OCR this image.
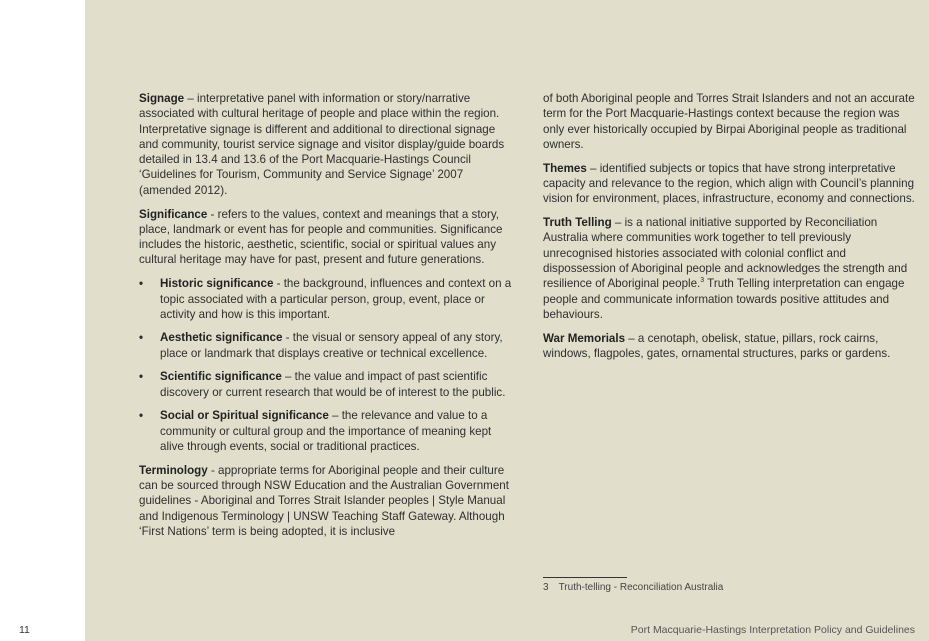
Signage – interpretative panel with information or story/narrative associated with cultural heritage of people and place within the region. Interpretative signage is different and additional to directional signage and community, tourist service signage and visitor display/guide boards detailed in 13.4 and 13.6 of the Port Macquarie-Hastings Council ‘Guidelines for Tourism, Community and Service Signage’ 2007 (amended 2012).

Significance - refers to the values, context and meanings that a story, place, landmark or event has for people and communities. Significance includes the historic, aesthetic, scientific, social or spiritual values any cultural heritage may have for past, present and future generations.

• Historic significance - the background, influences and context on a topic associated with a particular person, group, event, place or activity and how is this important.
• Aesthetic significance - the visual or sensory appeal of any story, place or landmark that displays creative or technical excellence.
• Scientific significance – the value and impact of past scientific discovery or current research that would be of interest to the public.
• Social or Spiritual significance – the relevance and value to a community or cultural group and the importance of meaning kept alive through events, social or traditional practices.

Terminology - appropriate terms for Aboriginal people and their culture can be sourced through NSW Education and the Australian Government guidelines - Aboriginal and Torres Strait Islander peoples | Style Manual and Indigenous Terminology | UNSW Teaching Staff Gateway. Although ‘First Nations’ term is being adopted, it is inclusive

of both Aboriginal people and Torres Strait Islanders and not an accurate term for the Port Macquarie-Hastings context because the region was only ever historically occupied by Birpai Aboriginal people as traditional owners.

Themes – identified subjects or topics that have strong interpretative capacity and relevance to the region, which align with Council’s planning vision for environment, places, infrastructure, economy and connections.

Truth Telling – is a national initiative supported by Reconciliation Australia where communities work together to tell previously unrecognised histories associated with colonial conflict and dispossession of Aboriginal people and acknowledges the strength and resilience of Aboriginal people.$^3$ Truth Telling interpretation can engage people and communicate information towards positive attitudes and behaviours.

War Memorials – a cenotaph, obelisk, statue, pillars, rock cairns, windows, flagpoles, gates, ornamental structures, parks or gardens.

3 Truth-telling - Reconciliation Australia
11	Port Macquarie-Hastings Interpretation Policy and Guidelines
